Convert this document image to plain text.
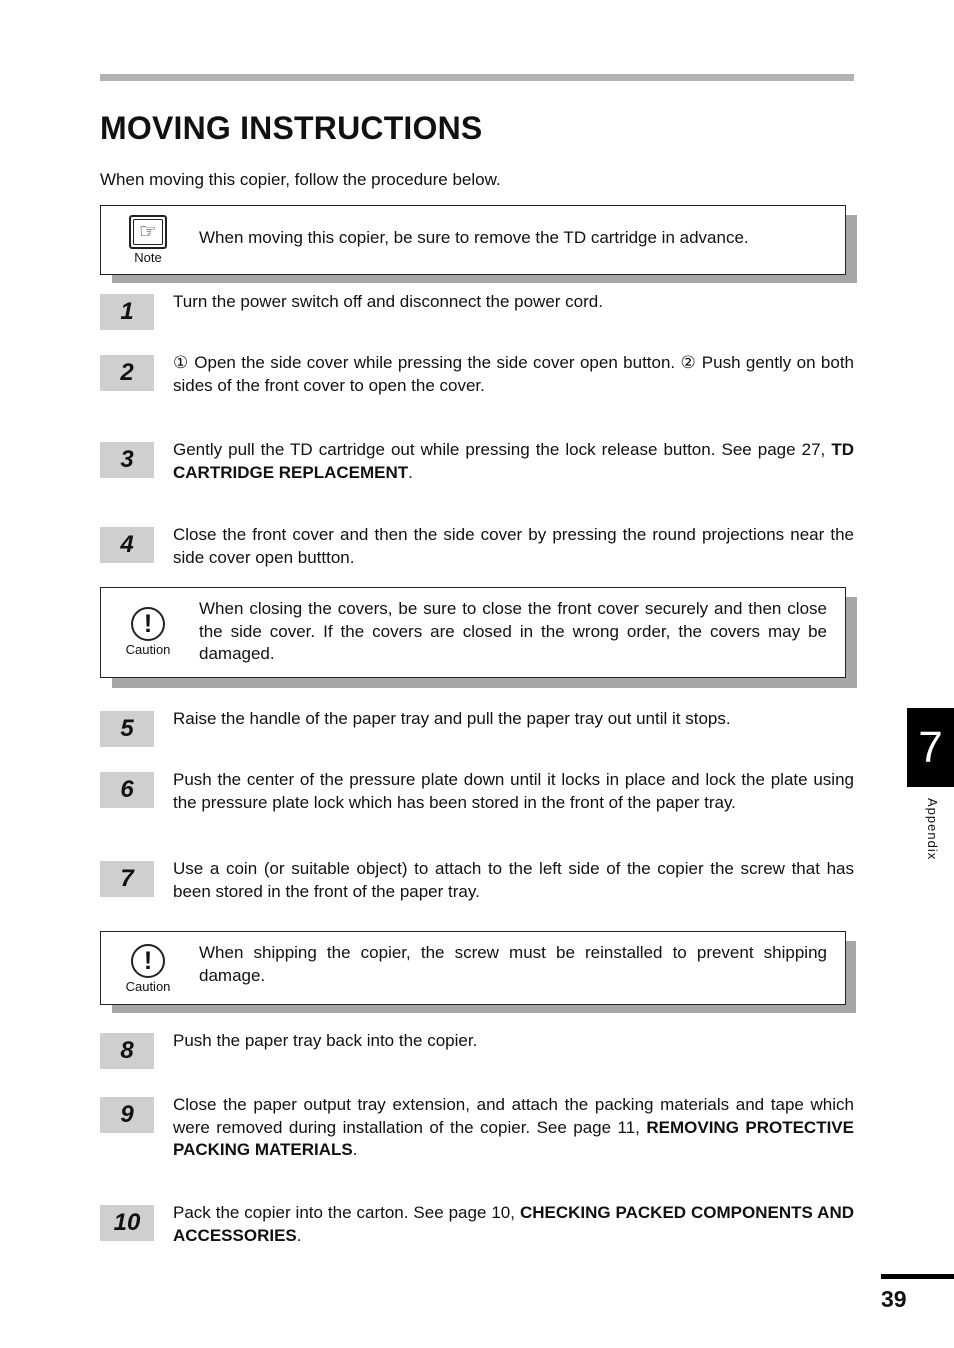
MOVING INSTRUCTIONS
When moving this copier, follow the procedure below.
☞
Note
When moving this copier, be sure to remove the TD cartridge in advance.
1	Turn the power switch off and disconnect the power cord.
2	① Open the side cover while pressing the side cover open button. ② Push gently on both sides of the front cover to open the cover.
3	Gently pull the TD cartridge out while pressing the lock release button. See page 27, TD CARTRIDGE REPLACEMENT.
4	Close the front cover and then the side cover by pressing the round projections near the side cover open buttton.
!
Caution
When closing the covers, be sure to close the front cover securely and then close the side cover. If the covers are closed in the wrong order, the covers may be damaged.
5	Raise the handle of the paper tray and pull the paper tray out until it stops.
6	Push the center of the pressure plate down until it locks in place and lock the plate using the pressure plate lock which has been stored in the front of the paper tray.
7	Use a coin (or suitable object) to attach to the left side of the copier the screw that has been stored in the front of the paper tray.
!
Caution
When shipping the copier, the screw must be reinstalled to prevent shipping damage.
8	Push the paper tray back into the copier.
9	Close the paper output tray extension, and attach the packing materials and tape which were removed during installation of the copier. See page 11, REMOVING PROTECTIVE PACKING MATERIALS.
10	Pack the copier into the carton. See page 10, CHECKING PACKED COMPONENTS AND ACCESSORIES.
7
Appendix
39
